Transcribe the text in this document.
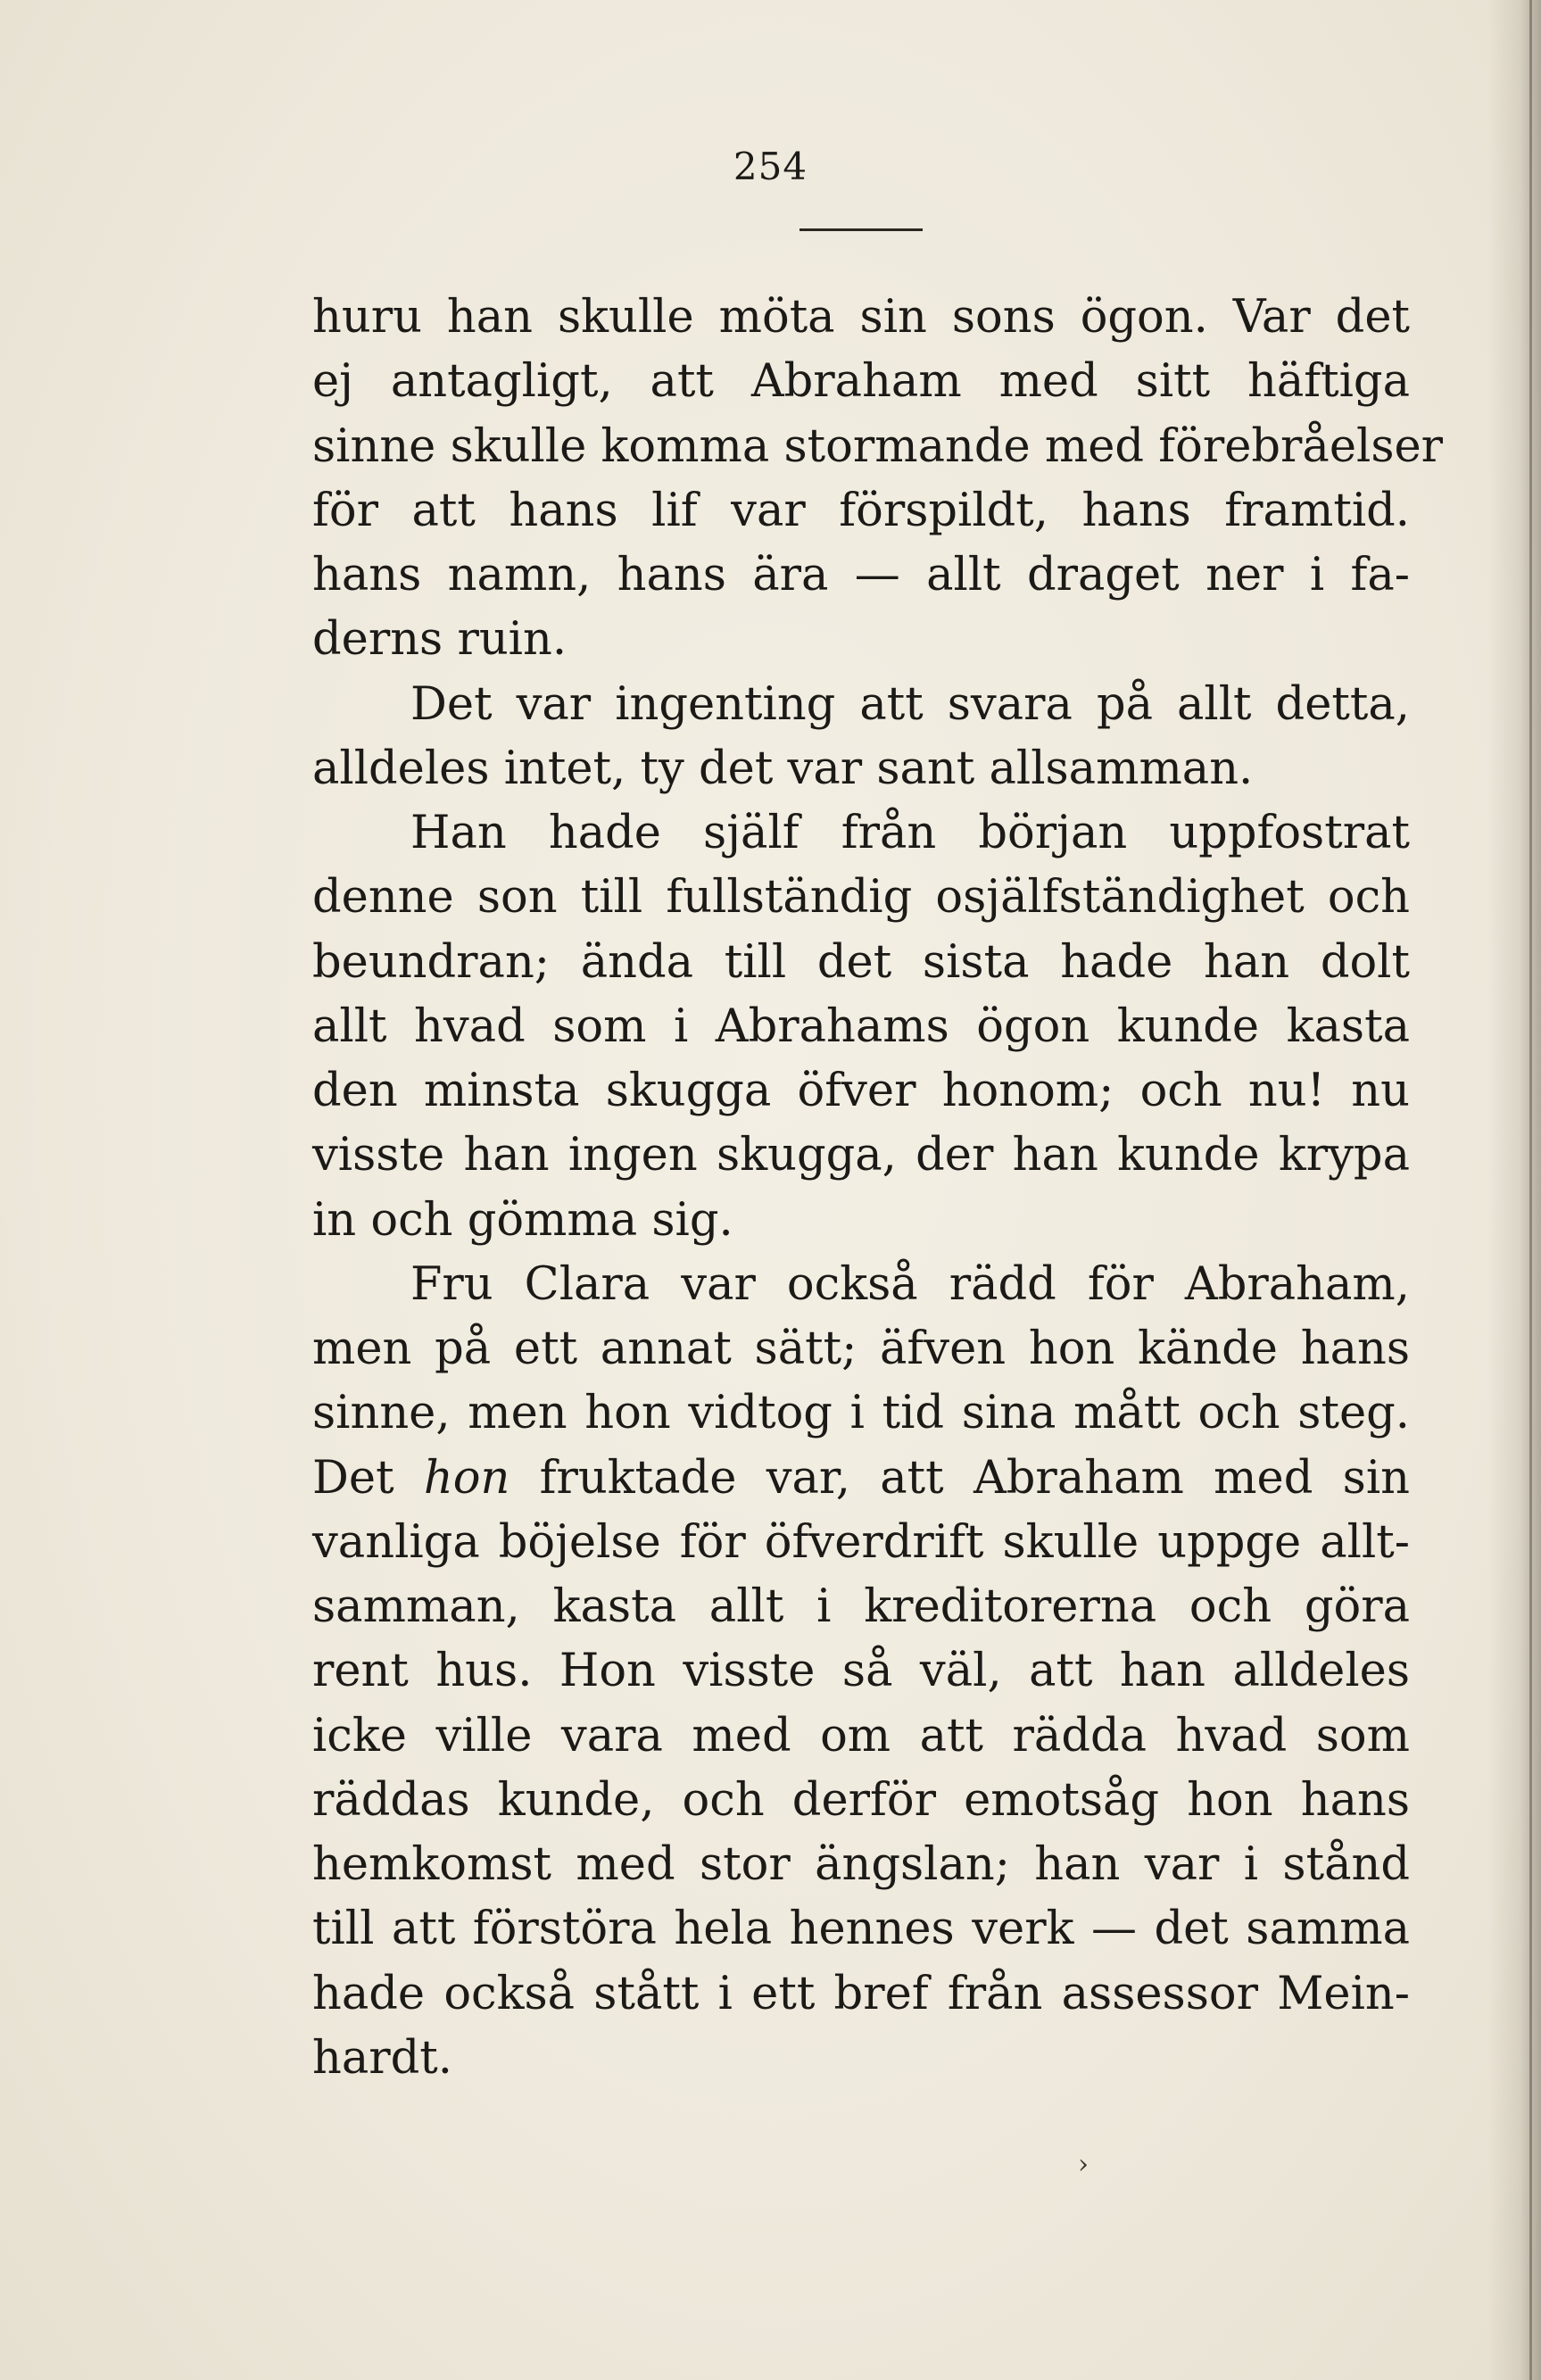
254
huru han skulle möta sin sons ögon. Var det
ej antagligt, att Abraham med sitt häftiga
sinne skulle komma stormande med förebråelser
för att hans lif var förspildt, hans framtid.
hans namn, hans ära — allt draget ner i fa-
derns ruin.
Det var ingenting att svara på allt detta,
alldeles intet, ty det var sant allsamman.
Han hade själf från början uppfostrat
denne son till fullständig osjälfständighet och
beundran; ända till det sista hade han dolt
allt hvad som i Abrahams ögon kunde kasta
den minsta skugga öfver honom; och nu! nu
visste han ingen skugga, der han kunde krypa
in och gömma sig.
Fru Clara var också rädd för Abraham,
men på ett annat sätt; äfven hon kände hans
sinne, men hon vidtog i tid sina mått och steg.
Det hon fruktade var, att Abraham med sin
vanliga böjelse för öfverdrift skulle uppge allt-
samman, kasta allt i kreditorerna och göra
rent hus. Hon visste så väl, att han alldeles
icke ville vara med om att rädda hvad som
räddas kunde, och derför emotsåg hon hans
hemkomst med stor ängslan; han var i stånd
till att förstöra hela hennes verk — det samma
hade också stått i ett bref från assessor Mein-
hardt.
›
